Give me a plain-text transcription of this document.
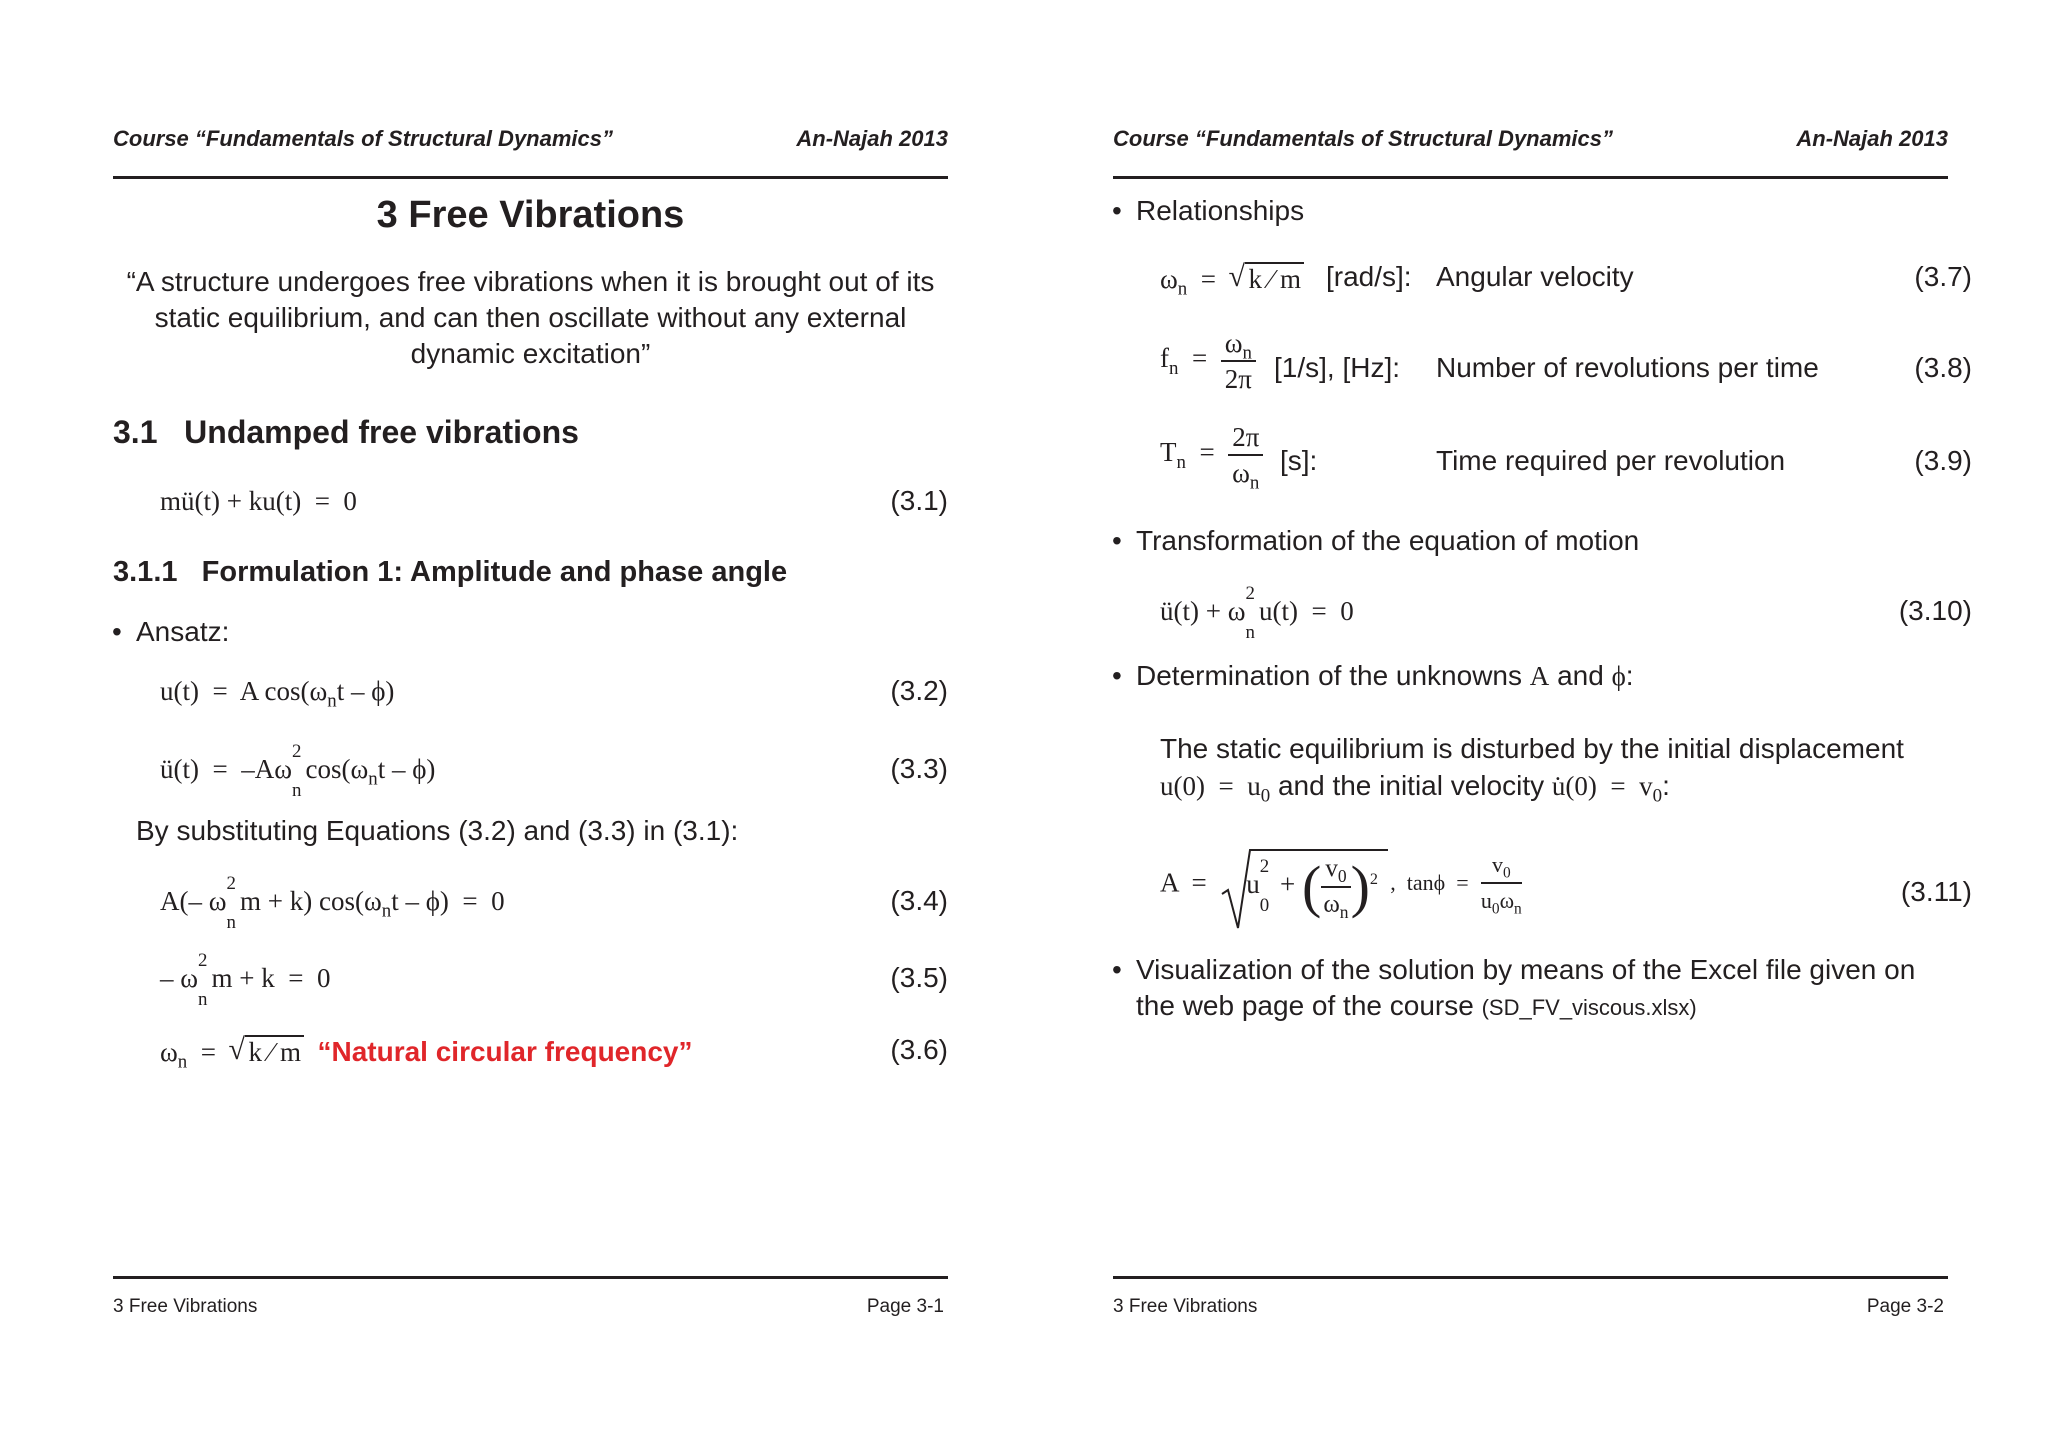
Course “Fundamentals of Structural Dynamics”	An-Najah 2013
3 Free Vibrations
“A structure undergoes free vibrations when it is brought out of its static equilibrium, and can then oscillate without any external dynamic excitation”
3.1   Undamped free vibrations
mü(t) + ku(t)  =  0	(3.1)
3.1.1   Formulation 1: Amplitude and phase angle
• Ansatz:
u(t)  =  A $\cos(\omega_nt - \phi)$	(3.2)
ü(t)  =  –Aω
2
n
$\cos(\omega_nt - \phi)$	(3.3)
By substituting Equations (3.2) and (3.3) in (3.1):
A(– ω
2
n
m + k) $\cos(\omega_nt - \phi) = 0$	(3.4)
– ω
2
n
m + k  =  0	(3.5)
$\omega_n$  =  √ k ⁄ m “Natural circular frequency”	(3.6)
3 Free Vibrations	Page 3-1
Course “Fundamentals of Structural Dynamics”	An-Najah 2013
• Relationships
$\omega_n$  =  √ k ⁄ m [rad/s]: Angular velocity	(3.7)
$f_n = \frac{\omega_n}{2\pi} [1/s]$, [Hz]: Number of revolutions per time	(3.8)
$T_n = \frac{2\pi}{\omega_n} [s]$:	Time required per revolution	(3.9)
• Transformation of the equation of motion
ü(t) + ω
2
n
u(t)  =  0	(3.10)
• Determination of the unknowns A and ϕ:
The static equilibrium is disturbed by the initial displacement
$u(0) = u_0$ and the initial velocity u̇(0)  =  $v_0$:
A  =
u
2
0
+ ( $\frac{v_0}{\omega_n} )^2$  ,  $\tan\phi = \frac{v_0}{u_0\omega_n}$	(3.11)
• Visualization of the solution by means of the Excel file given on
the web page of the course (SD_FV_viscous.xlsx)
3 Free Vibrations	Page 3-2
